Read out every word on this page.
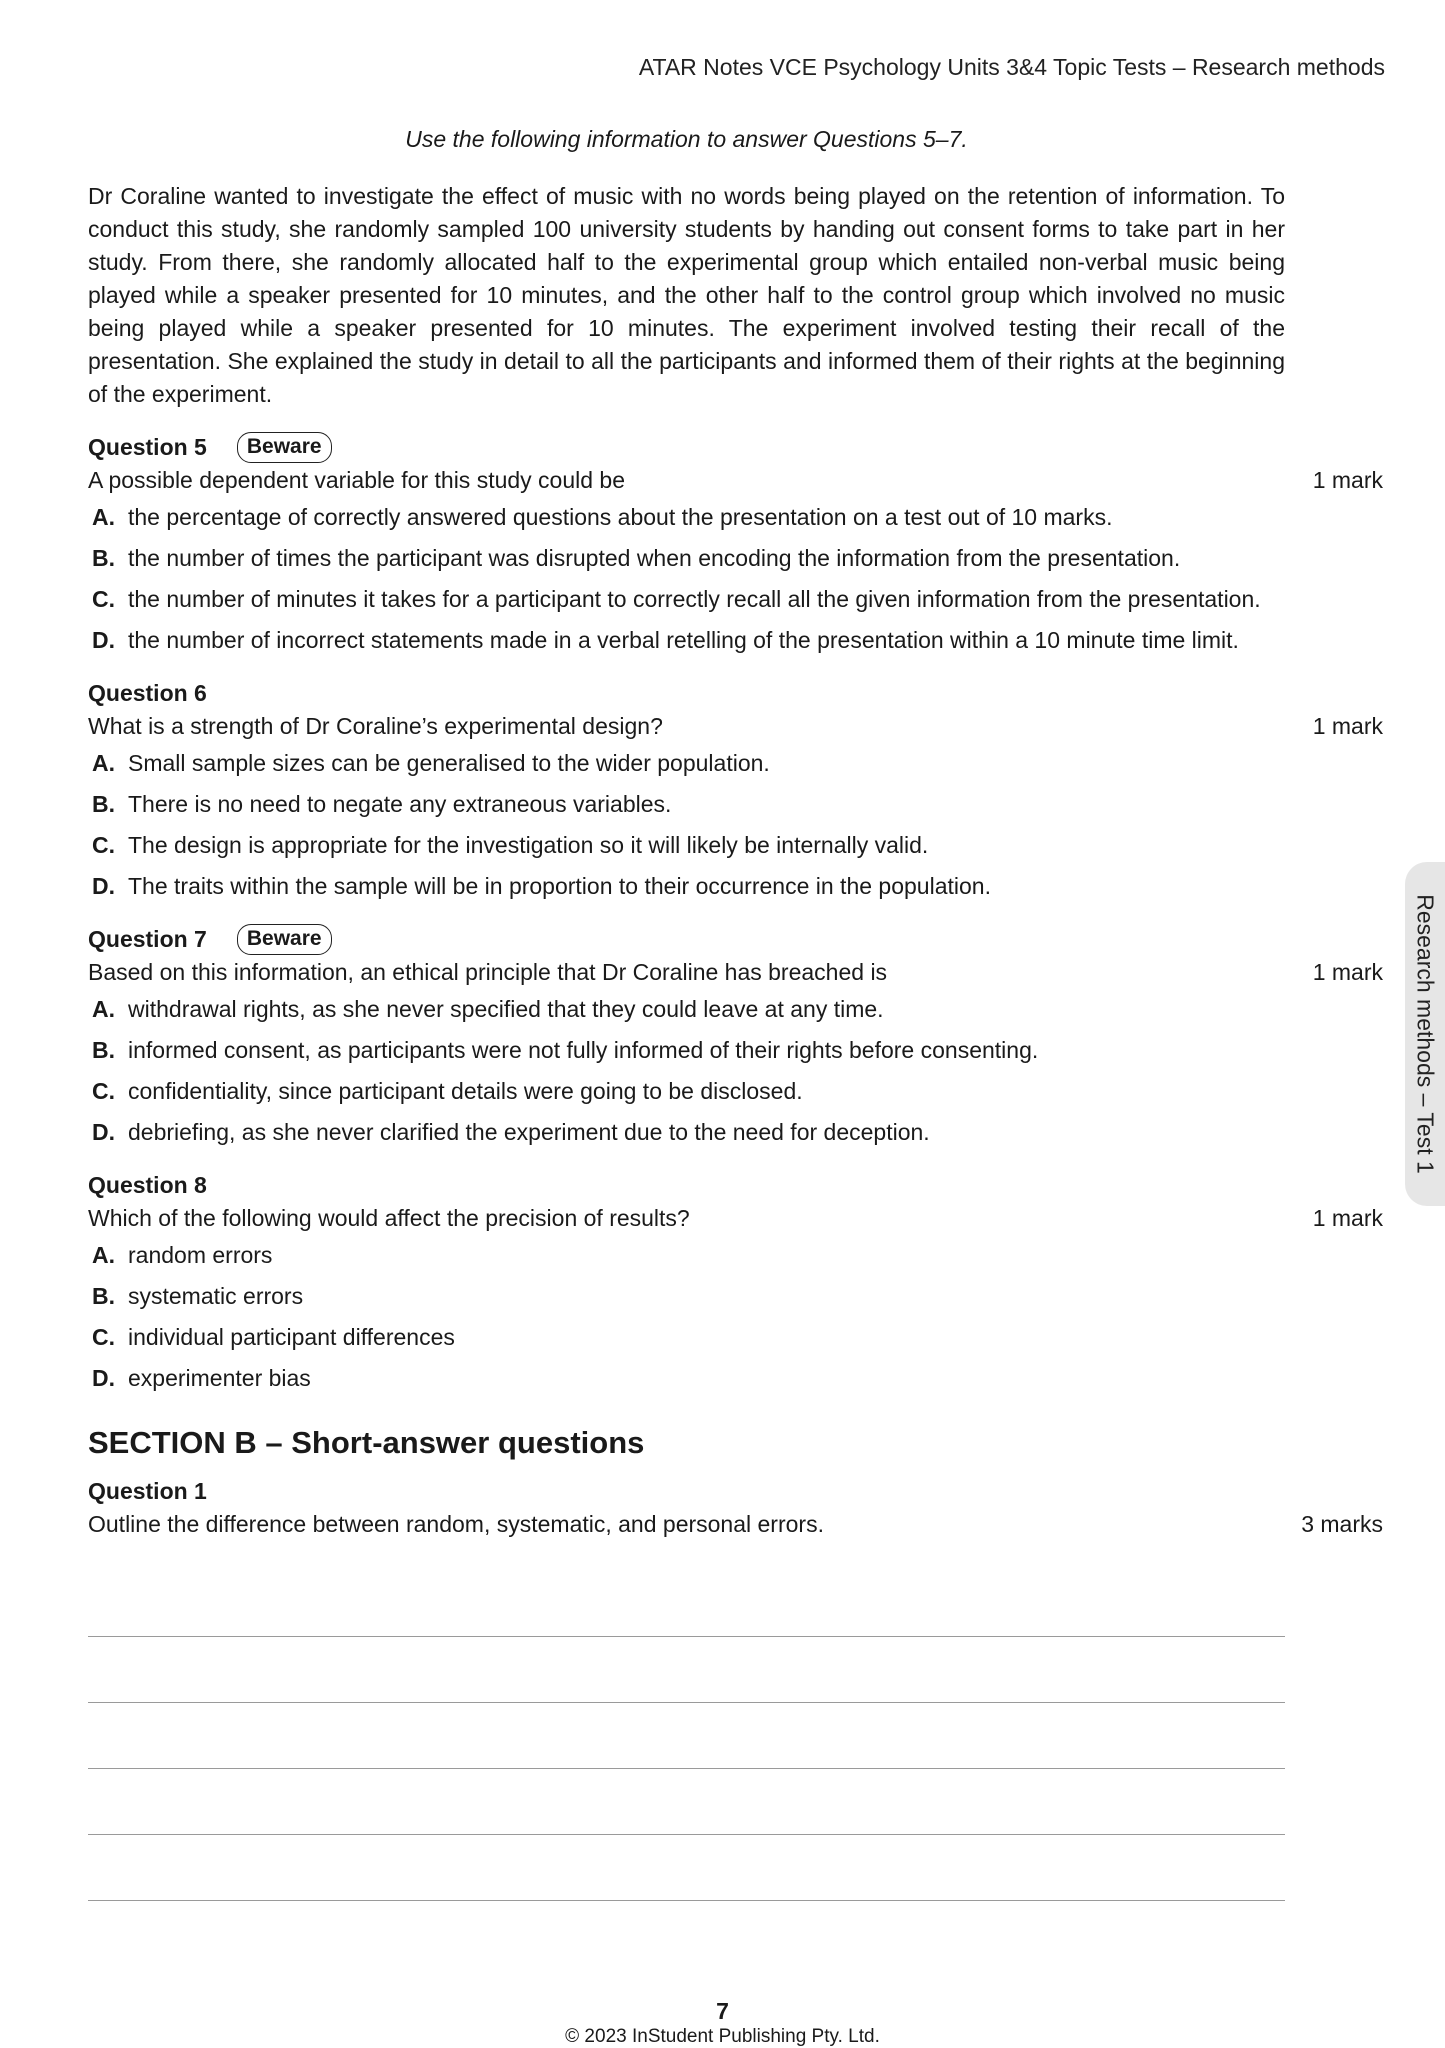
ATAR Notes VCE Psychology Units 3&4 Topic Tests – Research methods

Use the following information to answer Questions 5–7.

Dr Coraline wanted to investigate the effect of music with no words being played on the retention of information. To conduct this study, she randomly sampled 100 university students by handing out consent forms to take part in her study. From there, she randomly allocated half to the experimental group which entailed non-verbal music being played while a speaker presented for 10 minutes, and the other half to the control group which involved no music being played while a speaker presented for 10 minutes. The experiment involved testing their recall of the presentation. She explained the study in detail to all the participants and informed them of their rights at the beginning of the experiment.

Question 5	Beware
A possible dependent variable for this study could be	1 mark
A. the percentage of correctly answered questions about the presentation on a test out of 10 marks.
B. the number of times the participant was disrupted when encoding the information from the presentation.
C. the number of minutes it takes for a participant to correctly recall all the given information from the presentation.
D. the number of incorrect statements made in a verbal retelling of the presentation within a 10 minute time limit.
Question 6
What is a strength of Dr Coraline’s experimental design?	1 mark
A. Small sample sizes can be generalised to the wider population.
B. There is no need to negate any extraneous variables.
C. The design is appropriate for the investigation so it will likely be internally valid.
D. The traits within the sample will be in proportion to their occurrence in the population.
Question 7	Beware
Based on this information, an ethical principle that Dr Coraline has breached is	1 mark
A. withdrawal rights, as she never specified that they could leave at any time.
B. informed consent, as participants were not fully informed of their rights before consenting.
C. confidentiality, since participant details were going to be disclosed.
D. debriefing, as she never clarified the experiment due to the need for deception.
Question 8
Which of the following would affect the precision of results?	1 mark
A. random errors
B. systematic errors
C. individual participant differences
D. experimenter bias
SECTION B – Short-answer questions
Question 1
Outline the difference between random, systematic, and personal errors.	3 marks
Research methods – Test 1
7
© 2023 InStudent Publishing Pty. Ltd.
